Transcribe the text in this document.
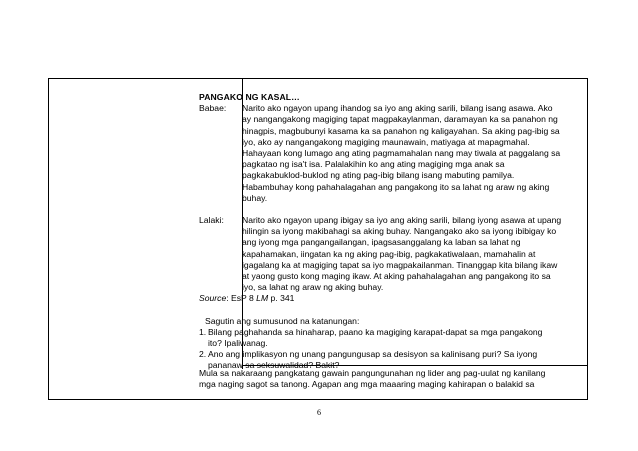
PANGAKO NG KASAL…
Babae:	Narito ako ngayon upang ihandog sa iyo ang aking sarili, bilang isang asawa. Ako

ay nangangakong magiging tapat magpakaylanman, daramayan ka sa panahon ng

hinagpis, magbubunyi kasama ka sa panahon ng kaligayahan. Sa aking pag-ibig sa

iyo, ako ay nangangakong magiging maunawain, matiyaga at mapagmahal.

Hahayaan kong lumago ang ating pagmamahalan nang may tiwala at paggalang sa

pagkatao ng isa't isa. Palalakihin ko ang ating magiging mga anak sa

pagkakabuklod-buklod ng ating pag-ibig bilang isang mabuting pamilya.

Habambuhay kong pahahalagahan ang pangakong ito sa lahat ng araw ng aking

buhay.

Lalaki:	Narito ako ngayon upang ibigay sa iyo ang aking sarili, bilang iyong asawa at upang

hilingin sa iyong makibahagi sa aking buhay. Nangangako ako sa iyong ibibigay ko

ang iyong mga pangangailangan, ipagsasanggalang ka laban sa lahat ng

kapahamakan, iingatan ka ng aking pag-ibig, pagkakatiwalaan, mamahalin at

igagalang ka at magiging tapat sa iyo magpakailanman. Tinanggap kita bilang ikaw

at yaong gusto kong maging ikaw. At aking pahahalagahan ang pangakong ito sa

iyo, sa lahat ng araw ng aking buhay.

Source: EsP 8 LM p. 341
Sagutin ang sumusunod na katanungan:
1. Bilang paghahanda sa hinaharap, paano ka magiging karapat-dapat sa mga pangakong
ito? Ipaliwanag.
2. Ano ang implikasyon ng unang pangungusap sa desisyon sa kalinisang puri? Sa iyong
pananaw sa seksuwalidad? Bakit?
Mula sa nakaraang pangkatang gawain pangungunahan ng lider ang pag-uulat ng kanilang
mga naging sagot sa tanong. Agapan ang mga maaaring maging kahirapan o balakid sa
6
